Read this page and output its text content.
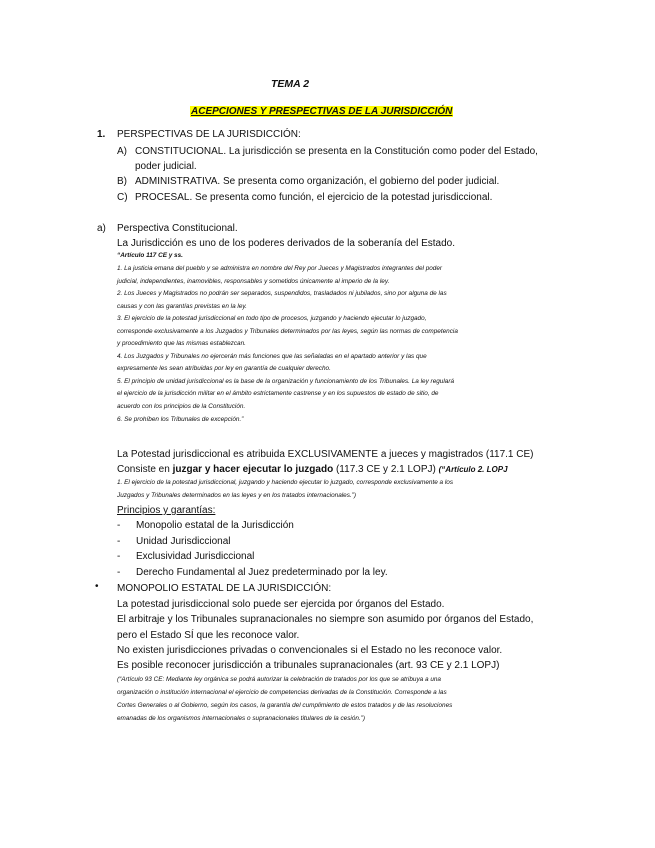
TEMA 2
ACEPCIONES Y PRESPECTIVAS DE LA JURISDICCIÓN
1. PERSPECTIVAS DE LA JURISDICCIÓN:
A) CONSTITUCIONAL. La jurisdicción se presenta en la Constitución como poder del Estado,
poder judicial.
B) ADMINISTRATIVA. Se presenta como organización, el gobierno del poder judicial.
C) PROCESAL. Se presenta como función, el ejercicio de la potestad jurisdiccional.
a) Perspectiva Constitucional.
La Jurisdicción es uno de los poderes derivados de la soberanía del Estado.
“Artículo 117 CE y ss.
1. La justicia emana del pueblo y se administra en nombre del Rey por Jueces y Magistrados integrantes del poder
judicial, independientes, inamovibles, responsables y sometidos únicamente al imperio de la ley.
2. Los Jueces y Magistrados no podrán ser separados, suspendidos, trasladados ni jubilados, sino por alguna de las
causas y con las garantías previstas en la ley.
3. El ejercicio de la potestad jurisdiccional en todo tipo de procesos, juzgando y haciendo ejecutar lo juzgado,
corresponde exclusivamente a los Juzgados y Tribunales determinados por las leyes, según las normas de competencia
y procedimiento que las mismas establezcan.
4. Los Juzgados y Tribunales no ejercerán más funciones que las señaladas en el apartado anterior y las que
expresamente les sean atribuidas por ley en garantía de cualquier derecho.
5. El principio de unidad jurisdiccional es la base de la organización y funcionamiento de los Tribunales. La ley regulará
el ejercicio de la jurisdicción militar en el ámbito estrictamente castrense y en los supuestos de estado de sitio, de
acuerdo con los principios de la Constitución.
6. Se prohíben los Tribunales de excepción.”
La Potestad jurisdiccional es atribuida EXCLUSIVAMENTE a jueces y magistrados (117.1 CE)
Consiste en juzgar y hacer ejecutar lo juzgado (117.3 CE y 2.1 LOPJ) (“Artículo 2. LOPJ
1. El ejercicio de la potestad jurisdiccional, juzgando y haciendo ejecutar lo juzgado, corresponde exclusivamente a los
Juzgados y Tribunales determinados en las leyes y en los tratados internacionales.”)
Principios y garantías:
- Monopolio estatal de la Jurisdicción
- Unidad Jurisdiccional
- Exclusividad Jurisdiccional
- Derecho Fundamental al Juez predeterminado por la ley.
• MONOPOLIO ESTATAL DE LA JURISDICCIÓN:
La potestad jurisdiccional solo puede ser ejercida por órganos del Estado.
El arbitraje y los Tribunales supranacionales no siempre son asumido por órganos del Estado,
pero el Estado SÍ que les reconoce valor.
No existen jurisdicciones privadas o convencionales si el Estado no les reconoce valor.
Es posible reconocer jurisdicción a tribunales supranacionales (art. 93 CE y 2.1 LOPJ)
(“Artículo 93 CE: Mediante ley orgánica se podrá autorizar la celebración de tratados por los que se atribuya a una
organización o institución internacional el ejercicio de competencias derivadas de la Constitución. Corresponde a las
Cortes Generales o al Gobierno, según los casos, la garantía del cumplimiento de estos tratados y de las resoluciones
emanadas de los organismos internacionales o supranacionales titulares de la cesión.”)
